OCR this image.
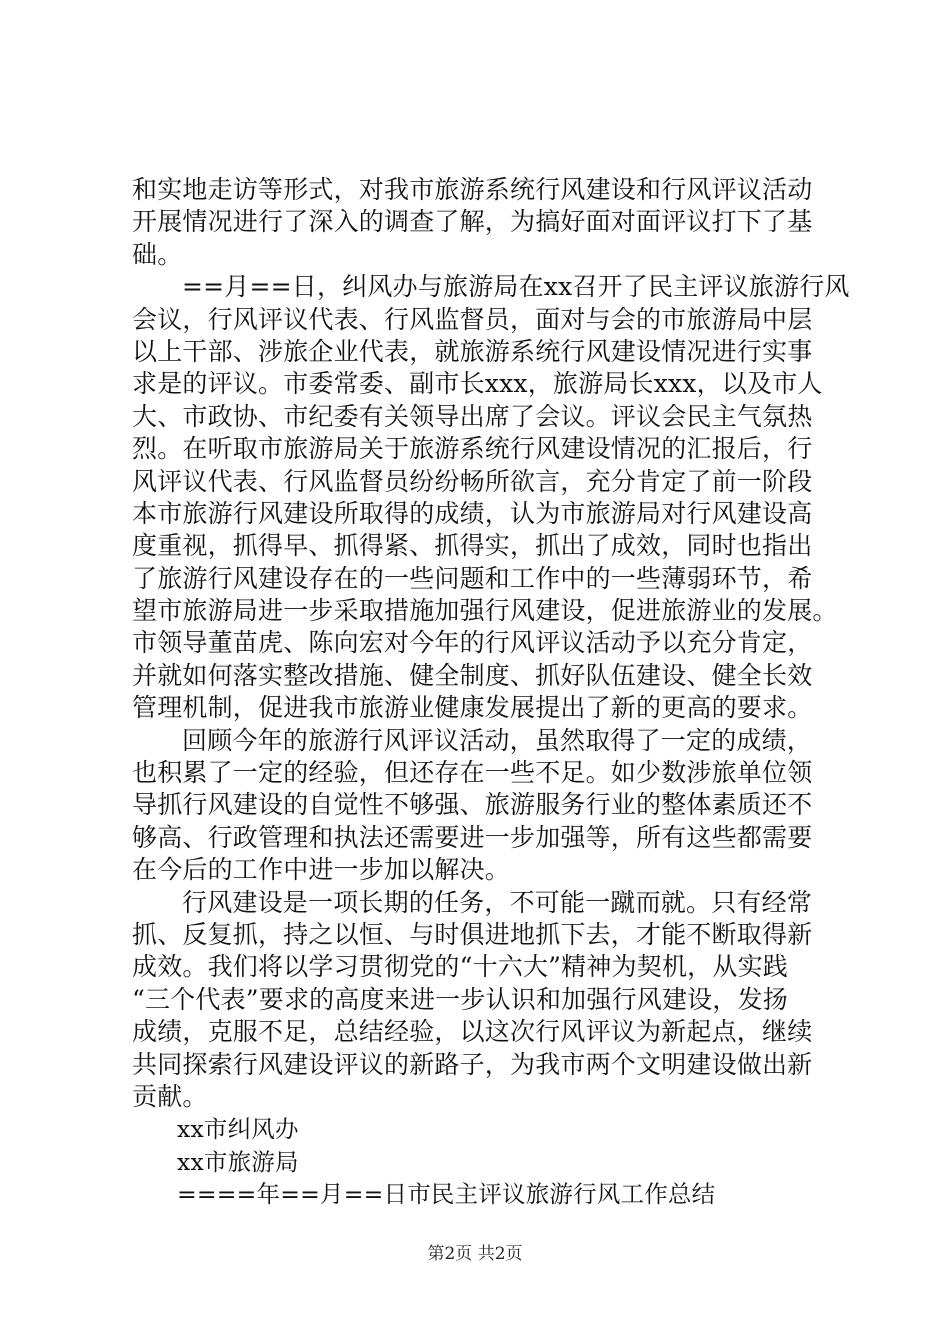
和实地走访等形式，对我市旅游系统行风建设和行风评议活动
开展情况进行了深入的调查了解，为搞好面对面评议打下了基
础。
==月==日，纠风办与旅游局在xx召开了民主评议旅游行风
会议，行风评议代表、行风监督员，面对与会的市旅游局中层
以上干部、涉旅企业代表，就旅游系统行风建设情况进行实事
求是的评议。市委常委、副市长xxx，旅游局长xxx，以及市人
大、市政协、市纪委有关领导出席了会议。评议会民主气氛热
烈。在听取市旅游局关于旅游系统行风建设情况的汇报后，行
风评议代表、行风监督员纷纷畅所欲言，充分肯定了前一阶段
本市旅游行风建设所取得的成绩，认为市旅游局对行风建设高
度重视，抓得早、抓得紧、抓得实，抓出了成效，同时也指出
了旅游行风建设存在的一些问题和工作中的一些薄弱环节，希
望市旅游局进一步采取措施加强行风建设，促进旅游业的发展。
市领导董苗虎、陈向宏对今年的行风评议活动予以充分肯定，
并就如何落实整改措施、健全制度、抓好队伍建设、健全长效
管理机制，促进我市旅游业健康发展提出了新的更高的要求。
回顾今年的旅游行风评议活动，虽然取得了一定的成绩，
也积累了一定的经验，但还存在一些不足。如少数涉旅单位领
导抓行风建设的自觉性不够强、旅游服务行业的整体素质还不
够高、行政管理和执法还需要进一步加强等，所有这些都需要
在今后的工作中进一步加以解决。
行风建设是一项长期的任务，不可能一蹴而就。只有经常
抓、反复抓，持之以恒、与时俱进地抓下去，才能不断取得新
成效。我们将以学习贯彻党的“十六大”精神为契机，从实践
“三个代表”要求的高度来进一步认识和加强行风建设，发扬
成绩，克服不足，总结经验，以这次行风评议为新起点，继续
共同探索行风建设评议的新路子，为我市两个文明建设做出新
贡献。
xx市纠风办
xx市旅游局
====年==月==日市民主评议旅游行风工作总结
第2页 共2页
